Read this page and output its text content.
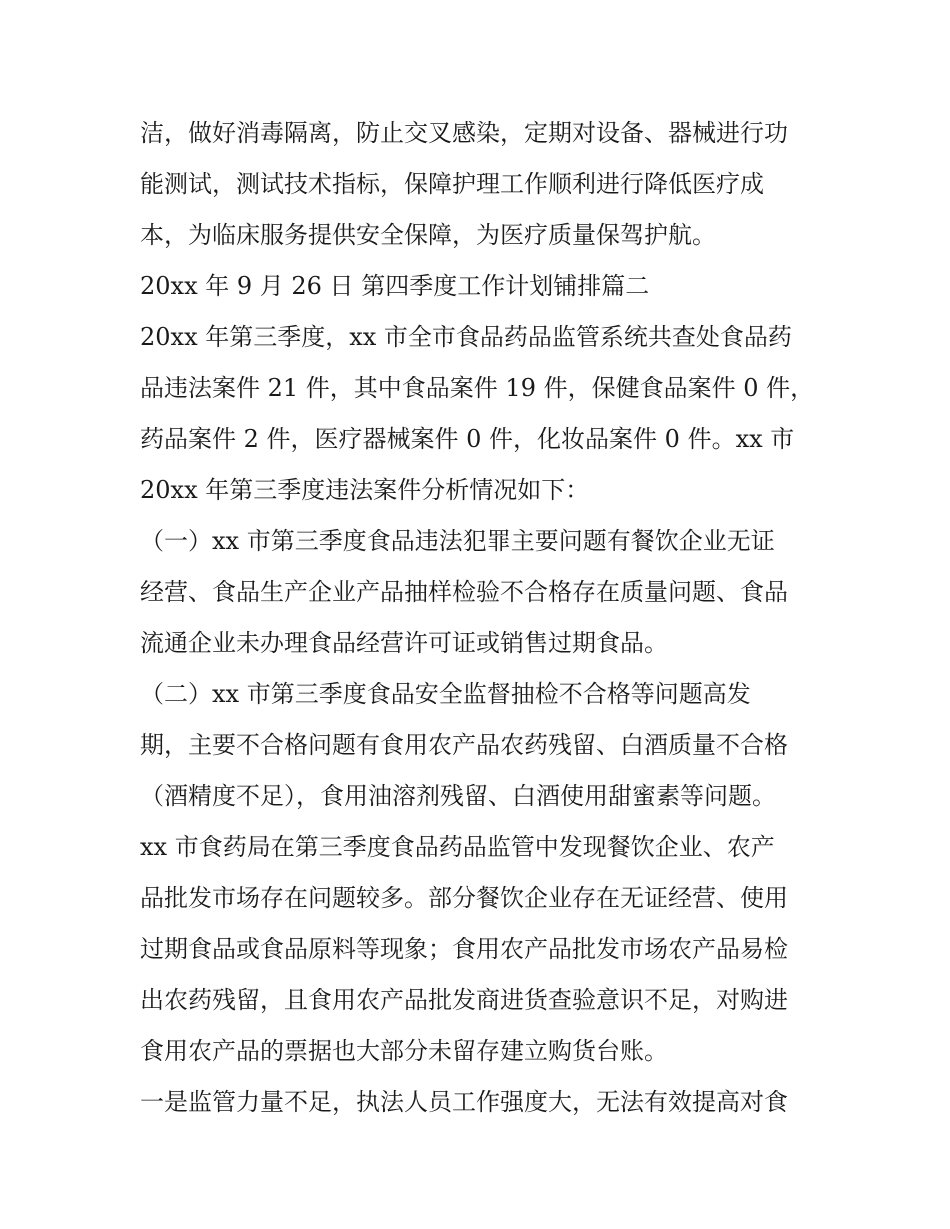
洁，做好消毒隔离，防止交叉感染，定期对设备、器械进行功
能测试，测试技术指标，保障护理工作顺利进行降低医疗成
本，为临床服务提供安全保障，为医疗质量保驾护航。
20xx 年 9 月 26 日 第四季度工作计划铺排篇二
20xx 年第三季度，xx 市全市食品药品监管系统共查处食品药
品违法案件 21 件，其中食品案件 19 件，保健食品案件 0 件，
药品案件 2 件，医疗器械案件 0 件，化妆品案件 0 件。xx 市
20xx 年第三季度违法案件分析情况如下：
（一）xx 市第三季度食品违法犯罪主要问题有餐饮企业无证
经营、食品生产企业产品抽样检验不合格存在质量问题、食品
流通企业未办理食品经营许可证或销售过期食品。
（二）xx 市第三季度食品安全监督抽检不合格等问题高发
期，主要不合格问题有食用农产品农药残留、白酒质量不合格
（酒精度不足），食用油溶剂残留、白酒使用甜蜜素等问题。
xx 市食药局在第三季度食品药品监管中发现餐饮企业、农产
品批发市场存在问题较多。部分餐饮企业存在无证经营、使用
过期食品或食品原料等现象；食用农产品批发市场农产品易检
出农药残留，且食用农产品批发商进货查验意识不足，对购进
食用农产品的票据也大部分未留存建立购货台账。
一是监管力量不足，执法人员工作强度大，无法有效提高对食
